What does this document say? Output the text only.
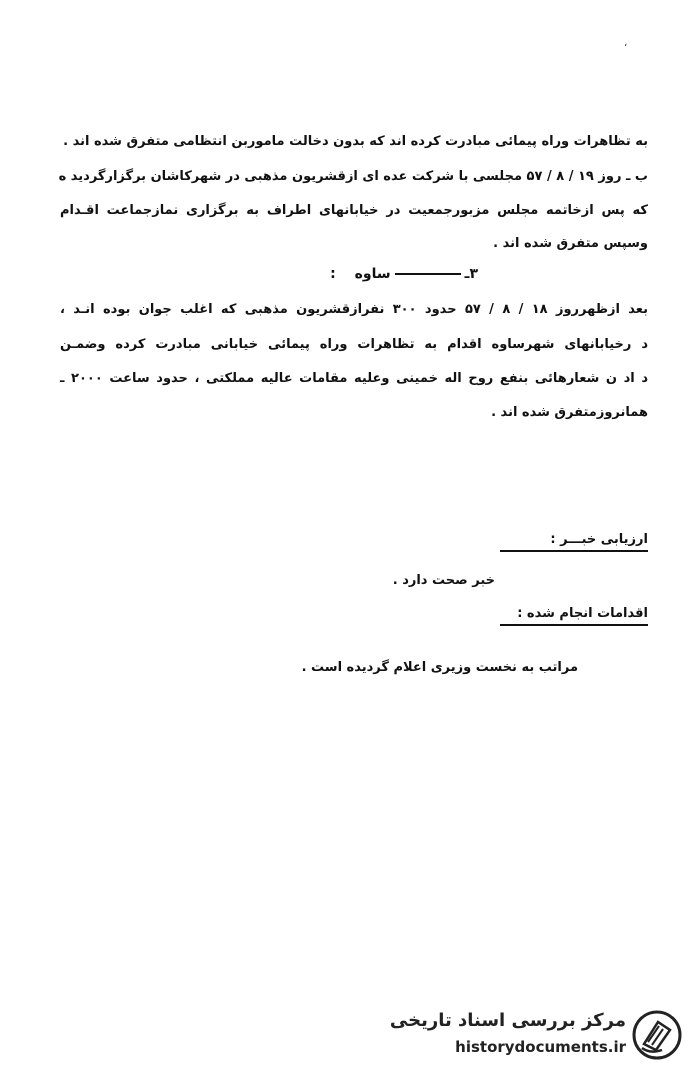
،
به تظاهرات وراه پیمائی مبادرت کرده اند که بدون دخالت ماموربن انتظامی متفرق شده اند .
ب ـ روز ۱۹ / ۸ / ۵۷ مجلسی با شرکت عده ای ازقشریون مذهبی در شهرکاشان برگزارگردید ه
که پس ازخاتمه مجلس مزبورجمعیت در خیابانهای اطراف به برگزاری نمازجماعت اقـدام
وسپس متفرق شده اند .
۳ـساوه :
بعد ازظهرروز ۱۸ / ۸ / ۵۷ حدود ۳۰۰ نفرازقشریون مذهبی که اغلب جوان بوده انـد ،
د رخیابانهای شهرساوه اقدام به تظاهرات وراه پیمائی خیابانی مبادرت کرده وضمـن
د اد ن شعارهائی بنفع روح اله خمینی وعلیه مقامات عالیه مملکتی ، حدود ساعت ۲۰۰۰ ـ
همانروزمتفرق شده اند .
ارزیابی خبـــر :
خبر صحت دارد .
اقدامات انجام شده :
مراتب به نخست وزیری اعلام گردیده است .
مرکز بررسی اسناد تاریخی
historydocuments.ir
